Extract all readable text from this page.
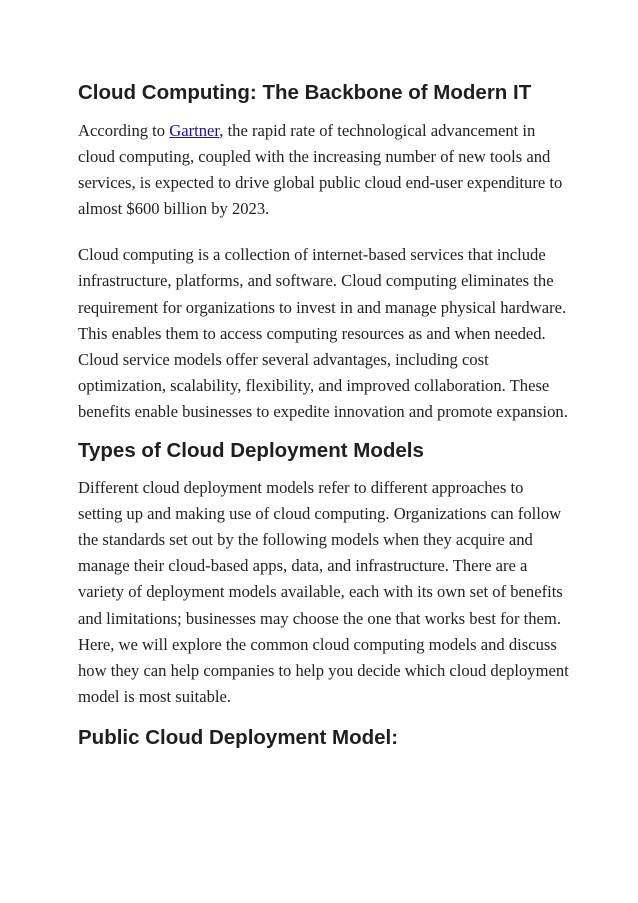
Cloud Computing: The Backbone of Modern IT

According to Gartner, the rapid rate of technological advancement in cloud computing, coupled with the increasing number of new tools and services, is expected to drive global public cloud end-user expenditure to almost $600 billion by 2023.

Cloud computing is a collection of internet-based services that include infrastructure, platforms, and software. Cloud computing eliminates the requirement for organizations to invest in and manage physical hardware. This enables them to access computing resources as and when needed. Cloud service models offer several advantages, including cost optimization, scalability, flexibility, and improved collaboration. These benefits enable businesses to expedite innovation and promote expansion.

Types of Cloud Deployment Models

Different cloud deployment models refer to different approaches to setting up and making use of cloud computing. Organizations can follow the standards set out by the following models when they acquire and manage their cloud-based apps, data, and infrastructure. There are a variety of deployment models available, each with its own set of benefits and limitations; businesses may choose the one that works best for them. Here, we will explore the common cloud computing models and discuss how they can help companies to help you decide which cloud deployment model is most suitable.

Public Cloud Deployment Model:
